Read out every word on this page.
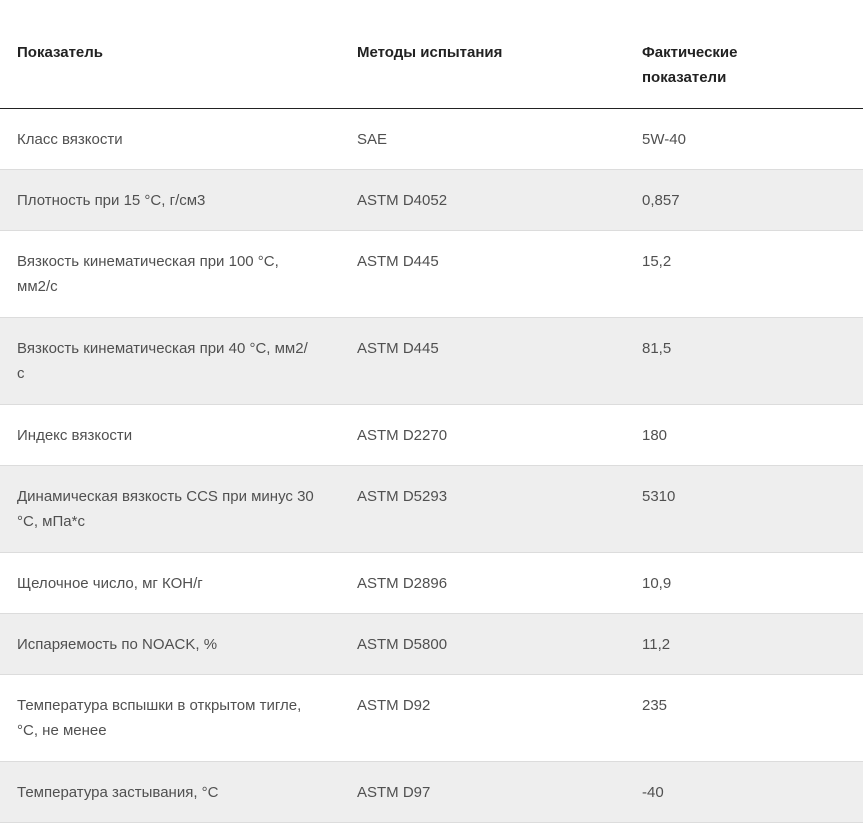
Показатель	Методы испытания	Фактические
показатели

Класс вязкости	SAE	5W-40

Плотность при 15 °С, г/см3	ASTM D4052	0,857

Вязкость кинематическая при 100 °С,
мм2/с	ASTM D445	15,2

Вязкость кинематическая при 40 °С, мм2/
с	ASTM D445	81,5

Индекс вязкости	ASTM D2270	180

Динамическая вязкость CCS при минус 30
°С, мПа*с	ASTM D5293	5310

Щелочное число, мг КОН/г	ASTM D2896	10,9

Испаряемость по NOACK, %	ASTM D5800	11,2

Температура вспышки в открытом тигле,
°С, не менее	ASTM D92	235

Температура застывания, °С	ASTM D97	-40
